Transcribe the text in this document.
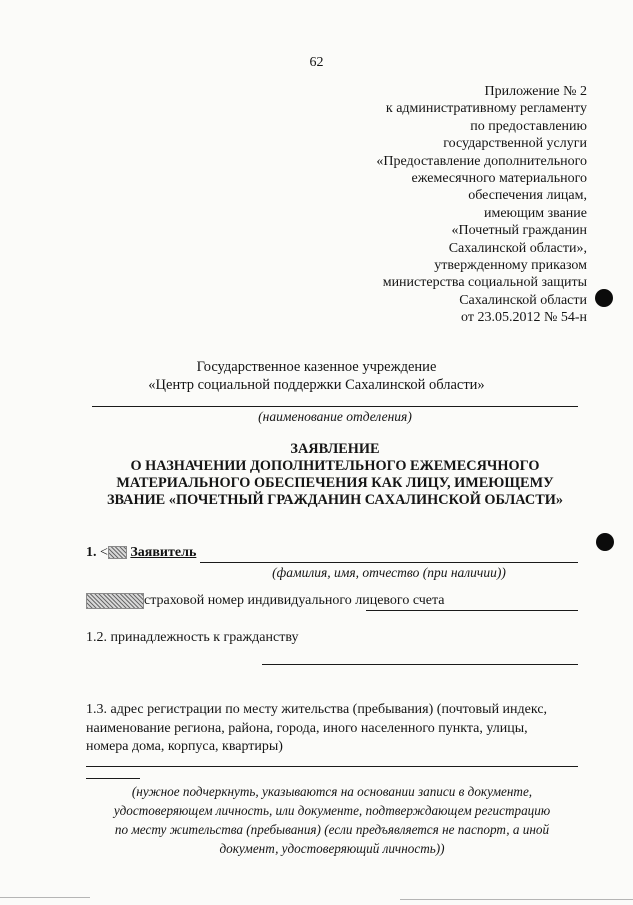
62
Приложение № 2
к административному регламенту
по предоставлению
государственной услуги
«Предоставление дополнительного
ежемесячного материального
обеспечения лицам,
имеющим звание
«Почетный гражданин
Сахалинской области»,
утвержденному приказом
министерства социальной защиты
Сахалинской области
от 23.05.2012 № 54-н
Государственное казенное учреждение
«Центр социальной поддержки Сахалинской области»
(наименование отделения)
ЗАЯВЛЕНИЕ
О НАЗНАЧЕНИИ ДОПОЛНИТЕЛЬНОГО ЕЖЕМЕСЯЧНОГО
МАТЕРИАЛЬНОГО ОБЕСПЕЧЕНИЯ КАК ЛИЦУ, ИМЕЮЩЕМУ
ЗВАНИЕ «ПОЧЕТНЫЙ ГРАЖДАНИН САХАЛИНСКОЙ ОБЛАСТИ»
1. < Заявитель
(фамилия, имя, отчество (при наличии))
страховой номер индивидуального лицевого счета
1.2. принадлежность к гражданству
1.3. адрес регистрации по месту жительства (пребывания) (почтовый индекс,
наименование региона, района, города, иного населенного пункта, улицы,
номера дома, корпуса, квартиры)
(нужное подчеркнуть, указываются на основании записи в документе,
удостоверяющем личность, или документе, подтверждающем регистрацию
по месту жительства (пребывания) (если предъявляется не паспорт, а иной
документ, удостоверяющий личность))
